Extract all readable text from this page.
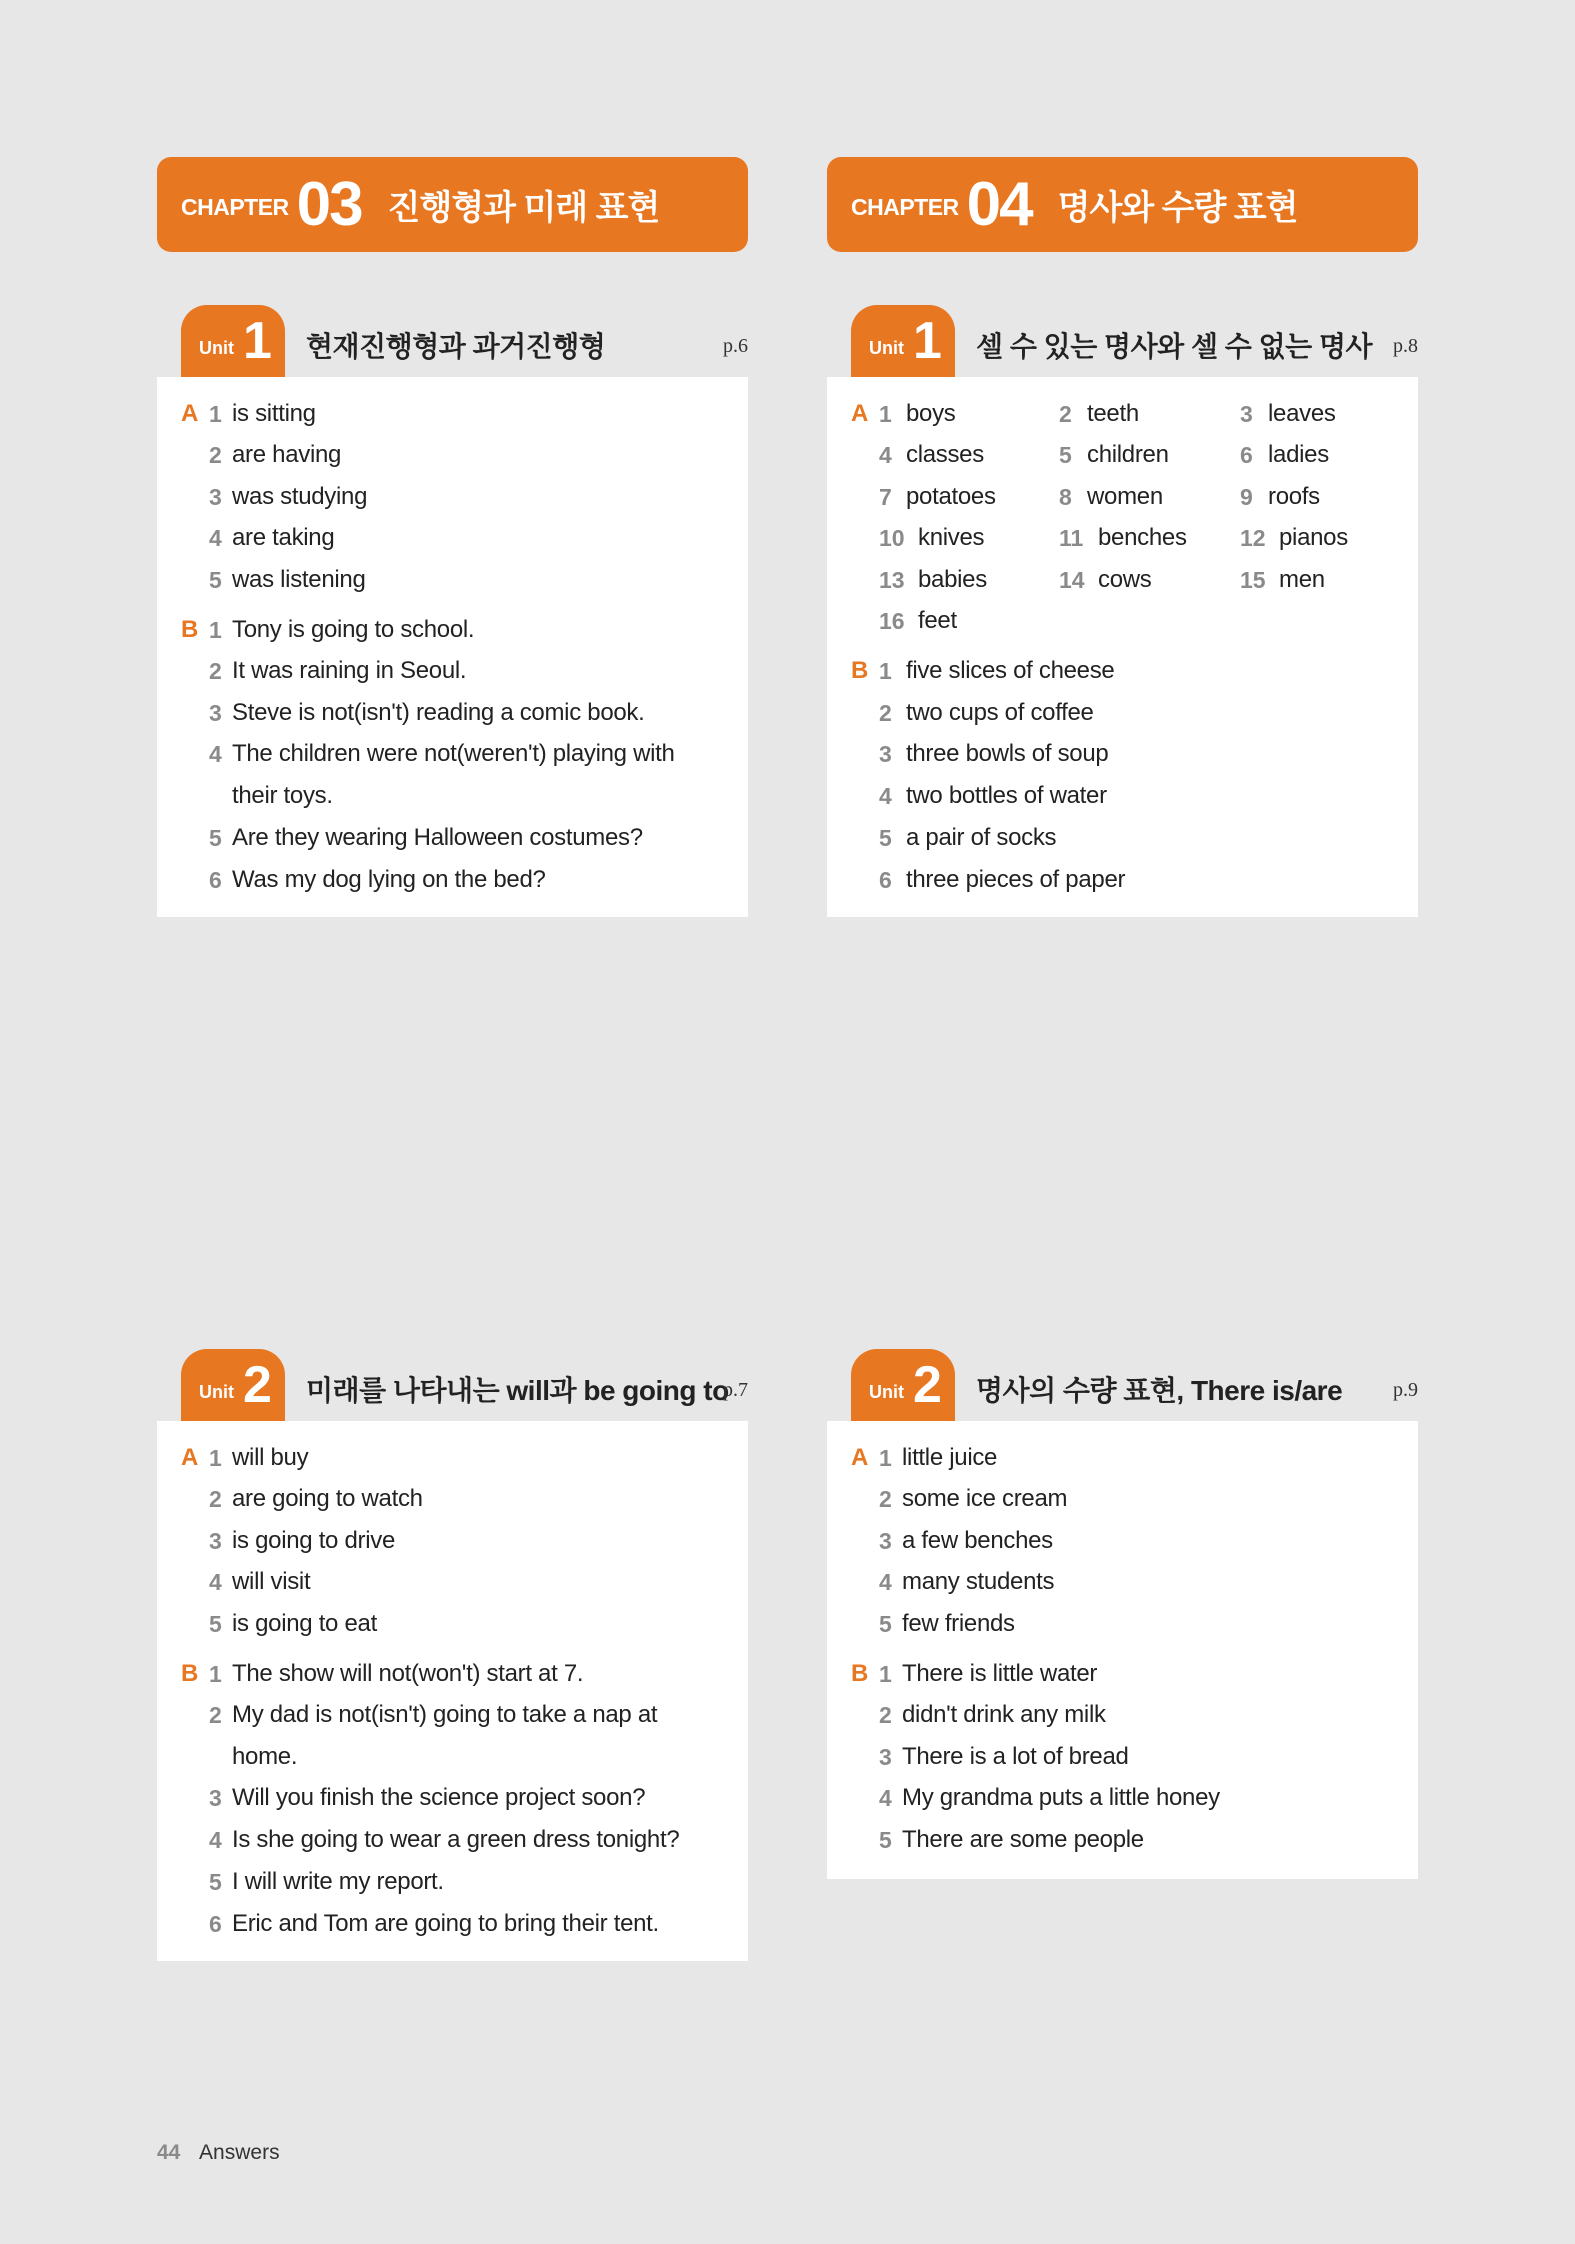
CHAPTER 03 진행형과 미래 표현	CHAPTER 04 명사와 수량 표현
Unit 1 현재진행형과 과거진행형	p.6
A 1 is sitting
2 are having
3 was studying
4 are taking
5 was listening
B 1 Tony is going to school.
2 It was raining in Seoul.
3 Steve is not(isn't) reading a comic book.
4 The children were not(weren't) playing with
their toys.
5 Are they wearing Halloween costumes?
6 Was my dog lying on the bed?
Unit 1 셀 수 있는 명사와 셀 수 없는 명사 p.8
A 1 boys	2 teeth	3 leaves
4 classes	5 children	6 ladies
7 potatoes	8 women	9 roofs
10 knives	11 benches 12 pianos
13 babies	14 cows	15 men
16 feet
B 1 five slices of cheese
2 two cups of coffee
3 three bowls of soup
4 two bottles of water
5 a pair of socks
6 three pieces of paper
Unit 2 미래를 나타내는 will과 be going to
p.7
A 1 will buy
2 are going to watch
3 is going to drive
4 will visit
5 is going to eat
B 1 The show will not(won't) start at 7.
2 My dad is not(isn't) going to take a nap at
home.
3 Will you finish the science project soon?
4 Is she going to wear a green dress tonight?
5 I will write my report.
6 Eric and Tom are going to bring their tent.
Unit 2 명사의 수량 표현, There is/are	p.9
A 1 little juice
2 some ice cream
3 a few benches
4 many students
5 few friends
B 1 There is little water
2 didn't drink any milk
3 There is a lot of bread
4 My grandma puts a little honey
5 There are some people
44 Answers
